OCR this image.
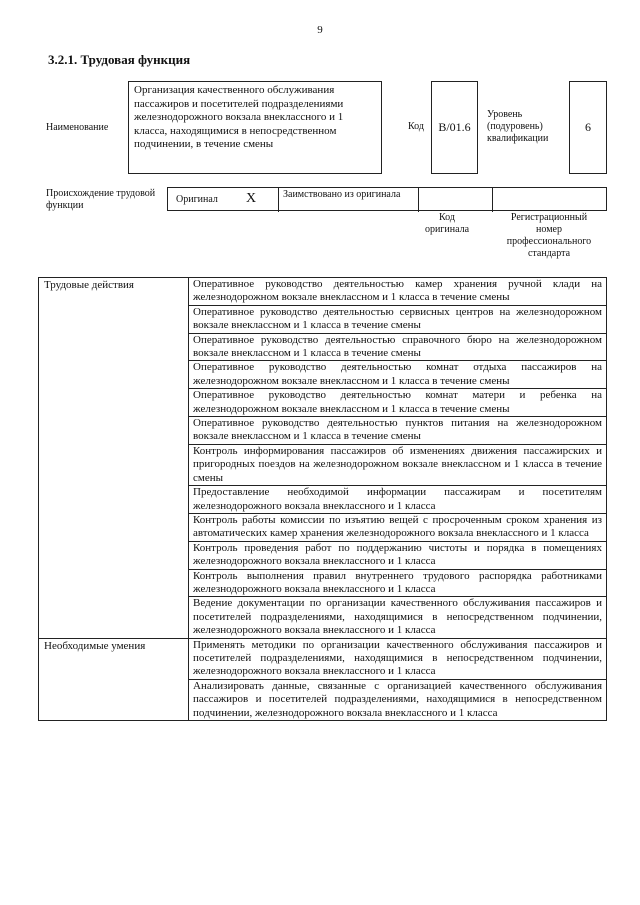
9
3.2.1. Трудовая функция
Наименование
Организация качественного обслуживания пассажиров и посетителей подразделениями железнодорожного вокзала внеклассного и 1 класса, находящимися в непосредственном подчинении, в течение смены
Код B/01.6
Уровень (подуровень) квалификации
6
Происхождение трудовой функции
Оригинал X	Заимствовано из оригинала
Код оригинала
Регистрационный номер профессионального стандарта
Трудовые действия	Оперативное руководство деятельностью камер хранения ручной клади на железнодорожном вокзале внеклассном и 1 класса в течение смены
	Оперативное руководство деятельностью сервисных центров на железнодорожном вокзале внеклассном и 1 класса в течение смены
	Оперативное руководство деятельностью справочного бюро на железнодорожном вокзале внеклассном и 1 класса в течение смены
	Оперативное руководство деятельностью комнат отдыха пассажиров на железнодорожном вокзале внеклассном и 1 класса в течение смены
	Оперативное руководство деятельностью комнат матери и ребенка на железнодорожном вокзале внеклассном и 1 класса в течение смены
	Оперативное руководство деятельностью пунктов питания на железнодорожном вокзале внеклассном и 1 класса в течение смены
	Контроль информирования пассажиров об изменениях движения пассажирских и пригородных поездов на железнодорожном вокзале внеклассном и 1 класса в течение смены
	Предоставление необходимой информации пассажирам и посетителям железнодорожного вокзала внеклассного и 1 класса
	Контроль работы комиссии по изъятию вещей с просроченным сроком хранения из автоматических камер хранения железнодорожного вокзала внеклассного и 1 класса
	Контроль проведения работ по поддержанию чистоты и порядка в помещениях железнодорожного вокзала внеклассного и 1 класса
	Контроль выполнения правил внутреннего трудового распорядка работниками железнодорожного вокзала внеклассного и 1 класса
	Ведение документации по организации качественного обслуживания пассажиров и посетителей подразделениями, находящимися в непосредственном подчинении, железнодорожного вокзала внеклассного и 1 класса
Необходимые умения	Применять методики по организации качественного обслуживания пассажиров и посетителей подразделениями, находящимися в непосредственном подчинении, железнодорожного вокзала внеклассного и 1 класса
	Анализировать данные, связанные с организацией качественного обслуживания пассажиров и посетителей подразделениями, находящимися в непосредственном подчинении, железнодорожного вокзала внеклассного и 1 класса
